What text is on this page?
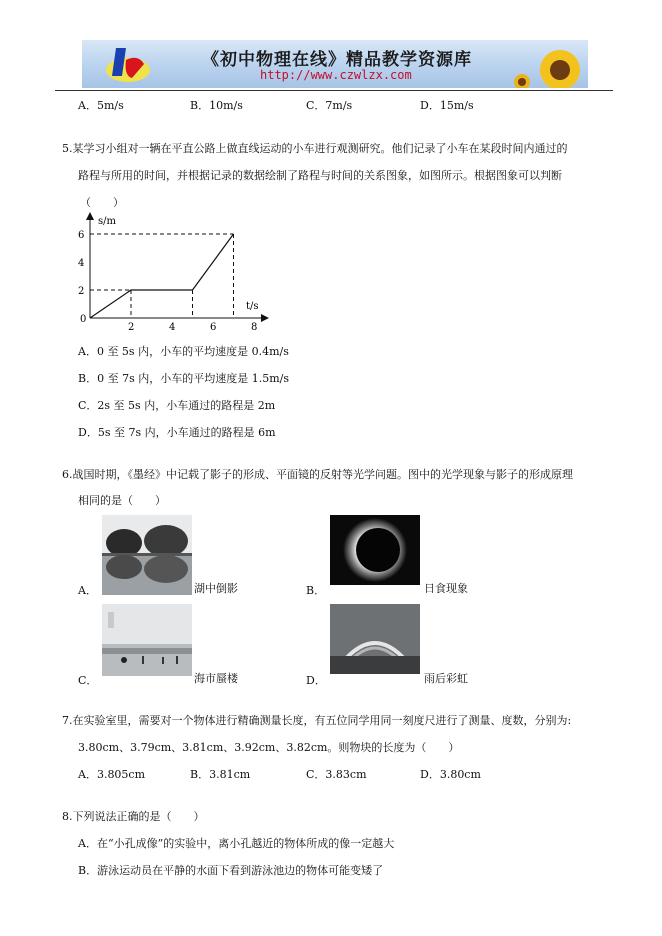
《初中物理在线》精品教学资源库
http://www.czwlzx.com
A．5m/s	B．10m/s	C．7m/s	D．15m/s
5.某学习小组对一辆在平直公路上做直线运动的小车进行观测研究。他们记录了小车在某段时间内通过的
路程与所用的时间，并根据记录的数据绘制了路程与时间的关系图象，如图所示。根据图象可以判断
（　　）
2	4	6	8
2
4
6
s/m
t/s
0
A．0 至 5s 内，小车的平均速度是 0.4m/s
B．0 至 7s 内，小车的平均速度是 1.5m/s
C．2s 至 5s 内，小车通过的路程是 2m
D．5s 至 7s 内，小车通过的路程是 6m
6.战国时期，《墨经》中记载了影子的形成、平面镜的反射等光学问题。图中的光学现象与影子的形成原理
相同的是（　　）
A．	湖中倒影	B．	日食现象
C．	海市蜃楼	D．	雨后彩虹
7.在实验室里，需要对一个物体进行精确测量长度，有五位同学用同一刻度尺进行了测量、度数，分别为:
3.80cm、3.79cm、3.81cm、3.92cm、3.82cm。则物块的长度为（　　）
A．3.805cm	B．3.81cm	C．3.83cm	D．3.80cm
8.下列说法正确的是（　　）
A．在“小孔成像”的实验中，离小孔越近的物体所成的像一定越大
B．游泳运动员在平静的水面下看到游泳池边的物体可能变矮了
